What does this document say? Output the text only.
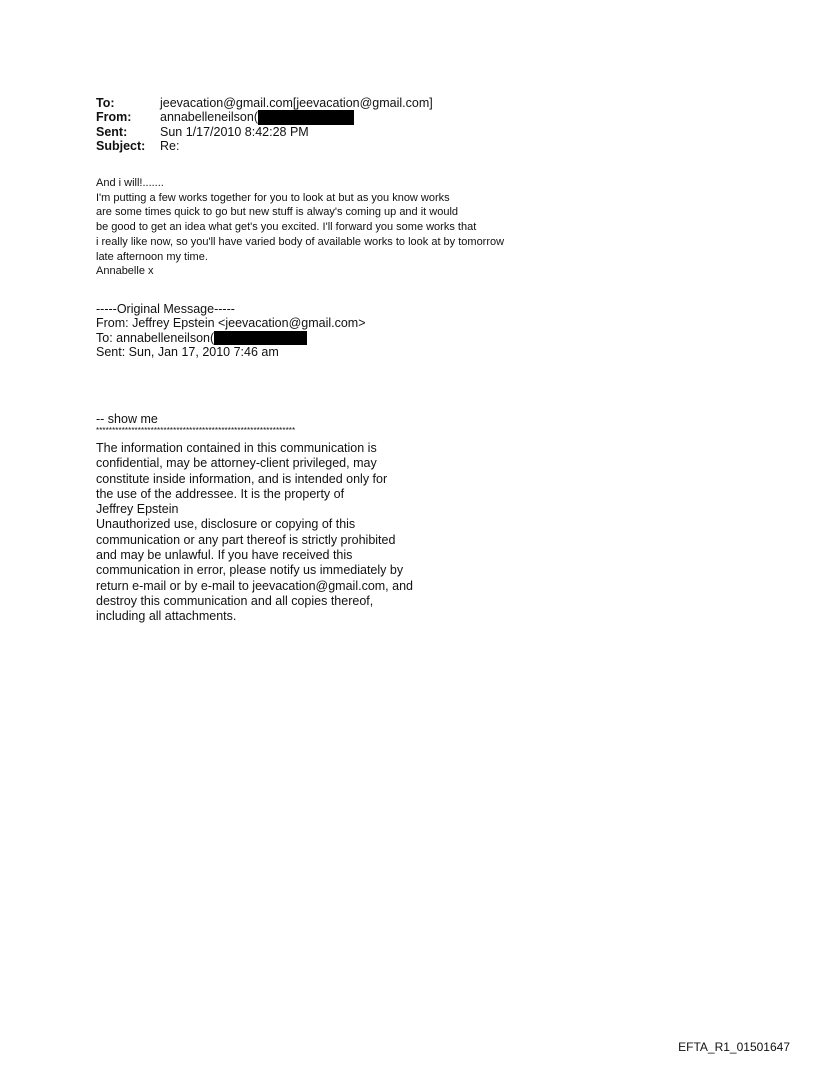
To:	jeevacation@gmail.com[jeevacation@gmail.com]
From:	annabelleneilson(
Sent:	Sun 1/17/2010 8:42:28 PM
Subject:	Re:
And i will!.......
I'm putting a few works together for you to look at but as you know works
are some times quick to go but new stuff is alway's coming up and it would
be good to get an idea what get's you excited. I'll forward you some works that
i really like now, so you'll have varied body of available works to look at by tomorrow
late afternoon my time.
Annabelle x
-----Original Message-----
From: Jeffrey Epstein <jeevacation@gmail.com>
To: annabelleneilson(
Sent: Sun, Jan 17, 2010 7:46 am
-- show me
**************************************************************
The information contained in this communication is
confidential, may be attorney-client privileged, may
constitute inside information, and is intended only for
the use of the addressee. It is the property of
Jeffrey Epstein
Unauthorized use, disclosure or copying of this
communication or any part thereof is strictly prohibited
and may be unlawful. If you have received this
communication in error, please notify us immediately by
return e-mail or by e-mail to jeevacation@gmail.com, and
destroy this communication and all copies thereof,
including all attachments.
EFTA_R1_01501647
